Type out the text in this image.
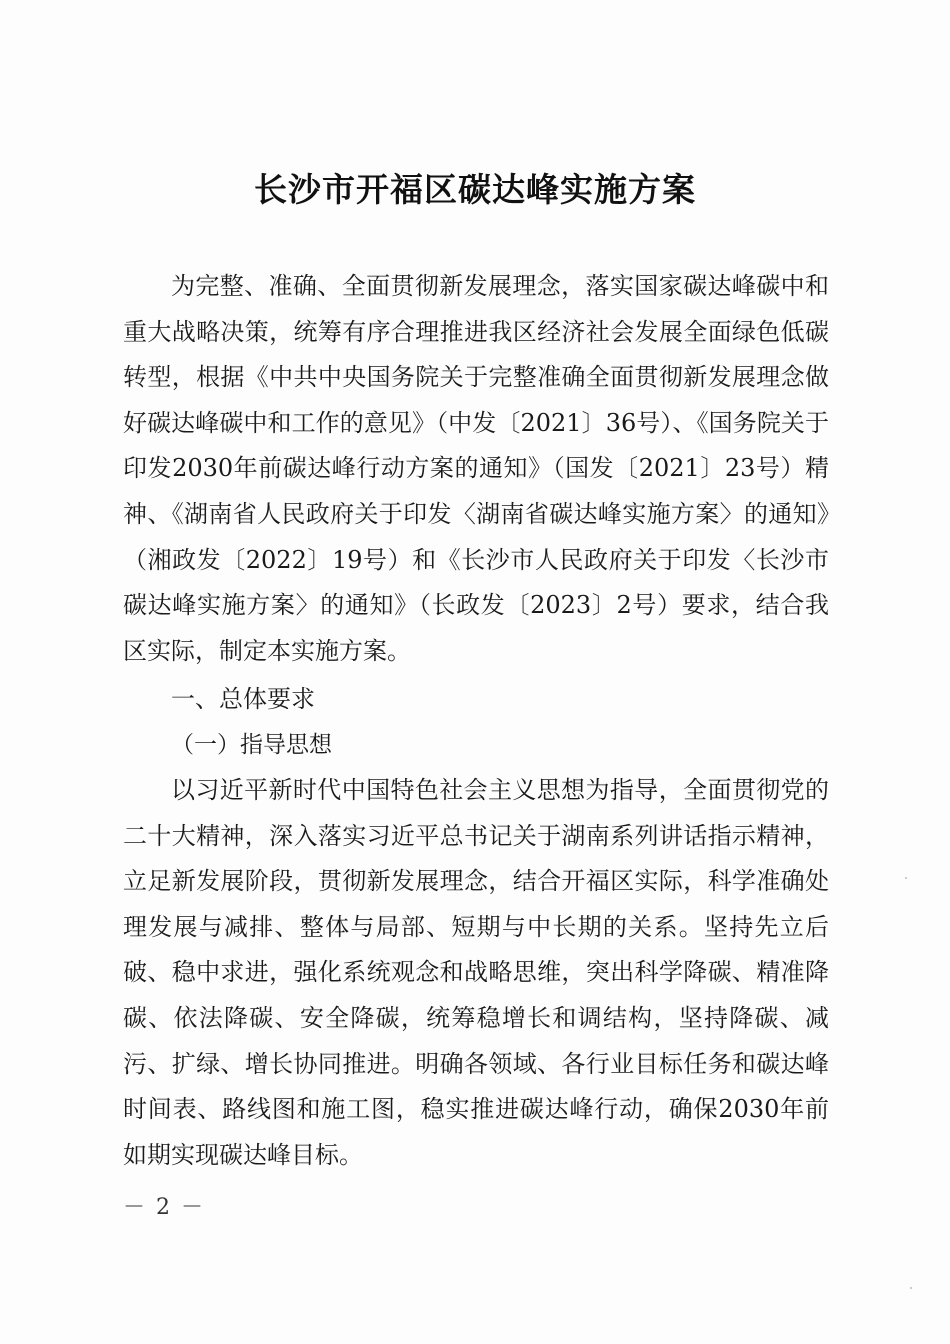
长沙市开福区碳达峰实施方案

为完整、准确、全面贯彻新发展理念，落实国家碳达峰碳中和重大战略决策，统筹有序合理推进我区经济社会发展全面绿色低碳转型，根据《中共中央国务院关于完整准确全面贯彻新发展理念做好碳达峰碳中和工作的意见》（中发〔2021〕36号）、《国务院关于印发2030年前碳达峰行动方案的通知》（国发〔2021〕23号）精神、《湖南省人民政府关于印发〈湖南省碳达峰实施方案〉的通知》（湘政发〔2022〕19号）和《长沙市人民政府关于印发〈长沙市碳达峰实施方案〉的通知》（长政发〔2023〕2号）要求，结合我区实际，制定本实施方案。

一、总体要求
（一）指导思想

以习近平新时代中国特色社会主义思想为指导，全面贯彻党的二十大精神，深入落实习近平总书记关于湖南系列讲话指示精神，立足新发展阶段，贯彻新发展理念，结合开福区实际，科学准确处理发展与减排、整体与局部、短期与中长期的关系。坚持先立后破、稳中求进，强化系统观念和战略思维，突出科学降碳、精准降碳、依法降碳、安全降碳，统筹稳增长和调结构，坚持降碳、减污、扩绿、增长协同推进。明确各领域、各行业目标任务和碳达峰时间表、路线图和施工图，稳实推进碳达峰行动，确保2030年前如期实现碳达峰目标。

－ 2 －
